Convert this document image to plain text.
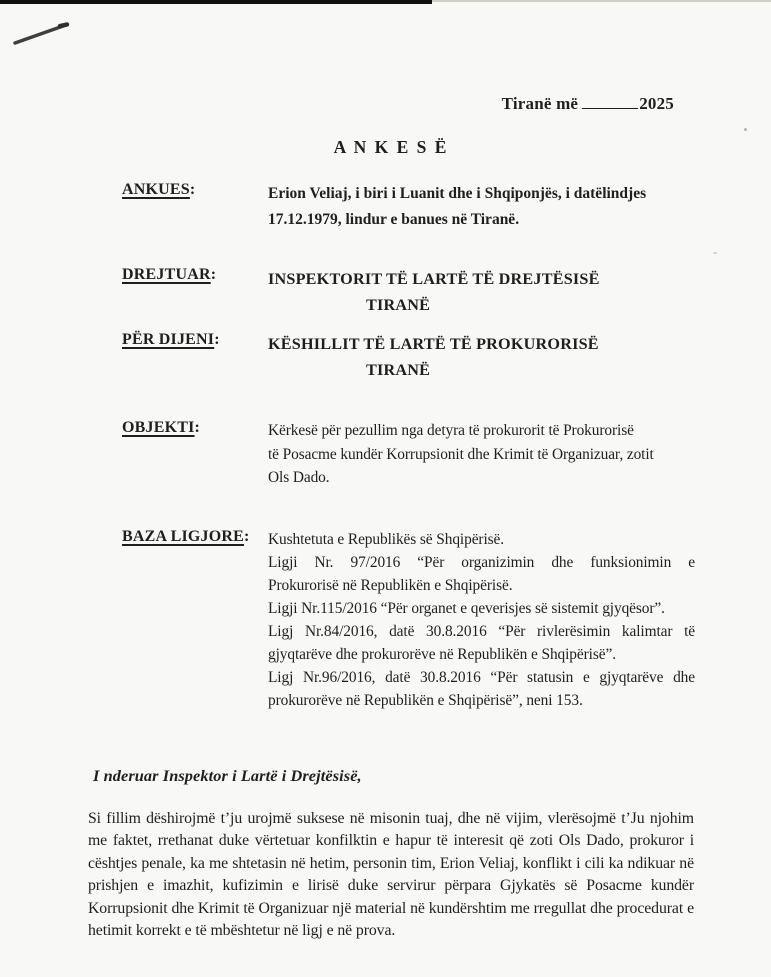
Tiranë më	2025
A N K E S Ë
ANKUES:	Erion Veliaj, i biri i Luanit dhe i Shqiponjës, i datëlindjes
17.12.1979, lindur e banues në Tiranë.
DREJTUAR:	INSPEKTORIT TË LARTË TË DREJTËSISË
TIRANË
PËR DIJENI:	KËSHILLIT TË LARTË TË PROKURORISË
TIRANË
OBJEKTI:	Kërkesë për pezullim nga detyra të prokurorit të Prokurorisë
të Posacme kundër Korrupsionit dhe Krimit të Organizuar, zotit
Ols Dado.
BAZA LIGJORE: Kushtetuta e Republikës së Shqipërisë.
Ligji Nr. 97/2016 “Për organizimin dhe funksionimin e
Prokurorisë në Republikën e Shqipërisë.
Ligji Nr.115/2016 “Për organet e qeverisjes së sistemit gjyqësor”.
Ligj Nr.84/2016, datë 30.8.2016 “Për rivlerësimin kalimtar të
gjyqtarëve dhe prokurorëve në Republikën e Shqipërisë”.
Ligj Nr.96/2016, datë 30.8.2016 “Për statusin e gjyqtarëve dhe
prokurorëve në Republikën e Shqipërisë”, neni 153.
I nderuar Inspektor i Lartë i Drejtësisë,
Si fillim dëshirojmë t’ju urojmë suksese në misonin tuaj, dhe në vijim, vlerësojmë t’Ju njohim me faktet, rrethanat duke vërtetuar konfilktin e hapur të interesit që zoti Ols Dado, prokuror i cështjes penale, ka me shtetasin në hetim, personin tim, Erion Veliaj, konflikt i cili ka ndikuar në prishjen e imazhit, kufizimin e lirisë duke servirur përpara Gjykatës së Posacme kundër Korrupsionit dhe Krimit të Organizuar një material në kundërshtim me rregullat dhe procedurat e hetimit korrekt e të mbështetur në ligj e në prova.
